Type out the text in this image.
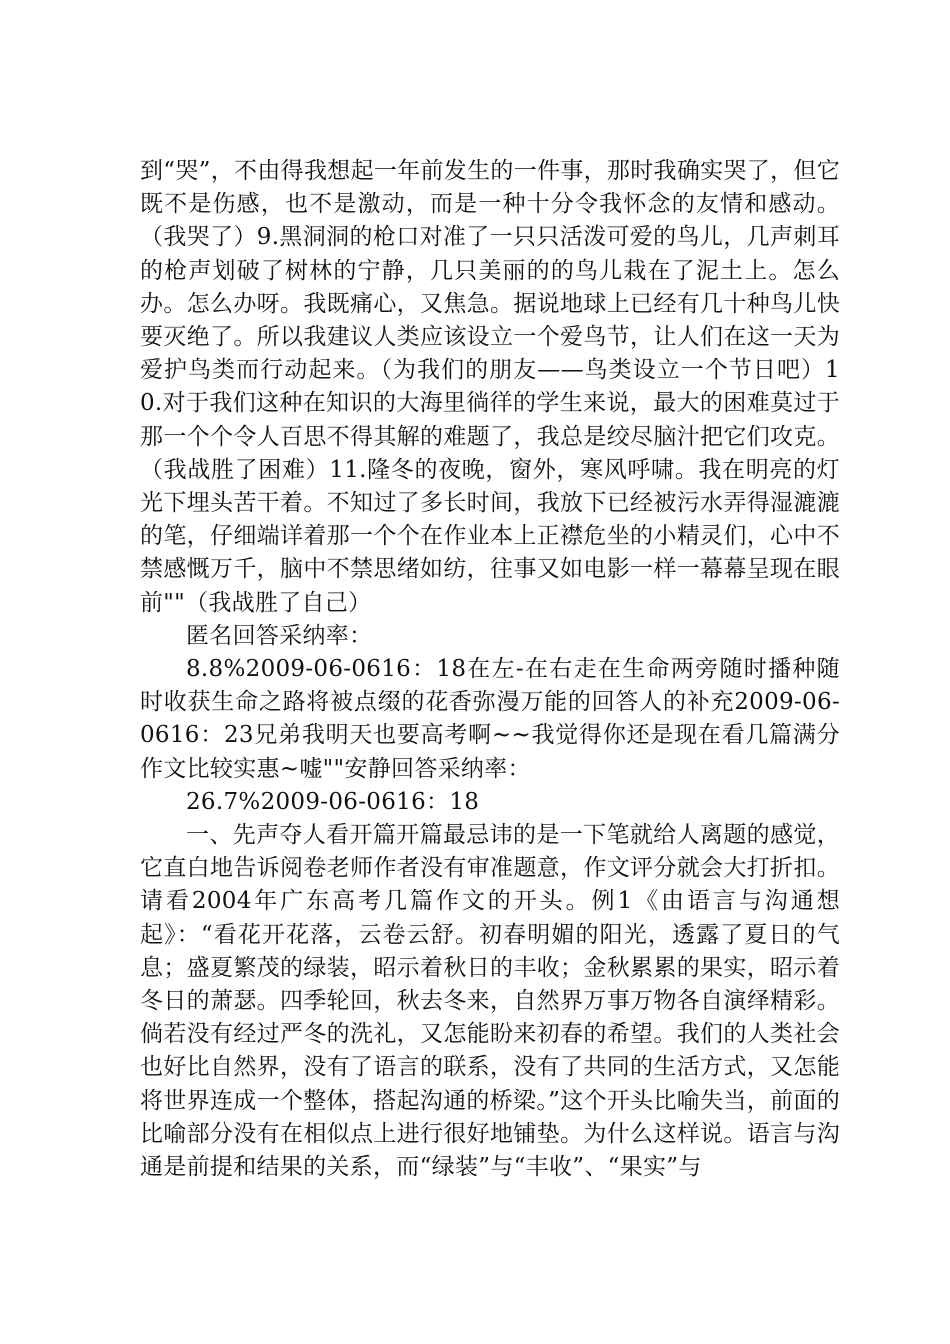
到“哭”，不由得我想起一年前发生的一件事，那时我确实哭了，但它既不是伤感，也不是激动，而是一种十分令我怀念的友情和感动。（我哭了）9.黑洞洞的枪口对准了一只只活泼可爱的鸟儿，几声刺耳的枪声划破了树林的宁静，几只美丽的的鸟儿栽在了泥土上。怎么办。怎么办呀。我既痛心，又焦急。据说地球上已经有几十种鸟儿快要灭绝了。所以我建议人类应该设立一个爱鸟节，让人们在这一天为爱护鸟类而行动起来。（为我们的朋友——鸟类设立一个节日吧）10.对于我们这种在知识的大海里徜徉的学生来说，最大的困难莫过于那一个个令人百思不得其解的难题了，我总是绞尽脑汁把它们攻克。（我战胜了困难）11.隆冬的夜晚，窗外，寒风呼啸。我在明亮的灯光下埋头苦干着。不知过了多长时间，我放下已经被污水弄得湿漉漉的笔，仔细端详着那一个个在作业本上正襟危坐的小精灵们，心中不禁感慨万千，脑中不禁思绪如纺，往事又如电影一样一幕幕呈现在眼前""（我战胜了自己）

匿名回答采纳率：

8.8%2009-06-0616：18在左-在右走在生命两旁随时播种随时收获生命之路将被点缀的花香弥漫万能的回答人的补充2009-06-0616：23兄弟我明天也要高考啊~~我觉得你还是现在看几篇满分作文比较实惠~嘘""安静回答采纳率：

26.7%2009-06-0616：18

一、先声夺人看开篇开篇最忌讳的是一下笔就给人离题的感觉，它直白地告诉阅卷老师作者没有审准题意，作文评分就会大打折扣。请看2004年广东高考几篇作文的开头。例1《由语言与沟通想起》：“看花开花落，云卷云舒。初春明媚的阳光，透露了夏日的气息；盛夏繁茂的绿装，昭示着秋日的丰收；金秋累累的果实，昭示着冬日的萧瑟。四季轮回，秋去冬来，自然界万事万物各自演绎精彩。倘若没有经过严冬的洗礼，又怎能盼来初春的希望。我们的人类社会也好比自然界，没有了语言的联系，没有了共同的生活方式，又怎能将世界连成一个整体，搭起沟通的桥梁。”这个开头比喻失当，前面的比喻部分没有在相似点上进行很好地铺垫。为什么这样说。语言与沟通是前提和结果的关系，而“绿装”与“丰收”、“果实”与
